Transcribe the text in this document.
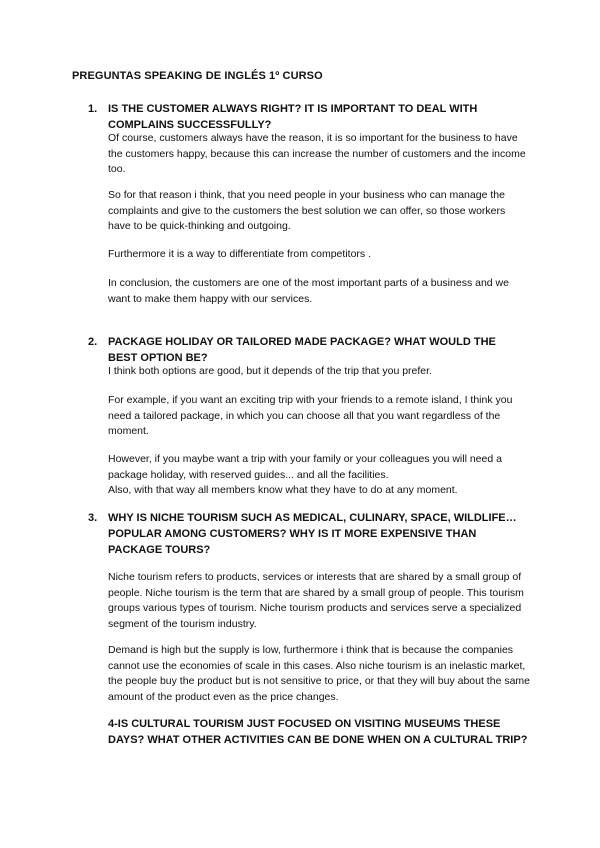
PREGUNTAS SPEAKING DE INGLÉS 1º CURSO
1. IS THE CUSTOMER ALWAYS RIGHT? IT IS IMPORTANT TO DEAL WITH COMPLAINS SUCCESSFULLY?
Of course, customers always have the reason, it is so important for the business to have the customers happy, because this can increase the number of customers and the income too.
So for that reason i think, that you need people in your business who can manage the complaints and give to the customers the best solution we can offer, so those workers have to be quick-thinking and outgoing.
Furthermore it is a way to differentiate from competitors .
In conclusion, the customers are one of the most important parts of a business and we want to make them happy with our services.
2. PACKAGE HOLIDAY OR TAILORED MADE PACKAGE? WHAT WOULD THE BEST OPTION BE?
I think both options are good, but it depends of the trip that you prefer.
For example, if you want an exciting trip with your friends to a remote island, I think you need a tailored package, in which you can choose all that you want regardless of the moment.
However, if you maybe want a trip with your family or your colleagues you will need a package holiday, with reserved guides... and all the facilities.
Also, with that way all members know what they have to do at any moment.
3. WHY IS NICHE TOURISM SUCH AS MEDICAL, CULINARY, SPACE, WILDLIFE… POPULAR AMONG CUSTOMERS? WHY IS IT MORE EXPENSIVE THAN PACKAGE TOURS?
Niche tourism refers to products, services or interests that are shared by a small group of people. Niche tourism is the term that are shared by a small group of people. This tourism groups various types of tourism. Niche tourism products and services serve a specialized segment of the tourism industry.
Demand is high but the supply is low, furthermore i think that is because the companies cannot use the economies of scale in this cases. Also niche tourism is an inelastic market, the people buy the product but is not sensitive to price, or that they will buy about the same amount of the product even as the price changes.
4-IS CULTURAL TOURISM JUST FOCUSED ON VISITING MUSEUMS THESE DAYS? WHAT OTHER ACTIVITIES CAN BE DONE WHEN ON A CULTURAL TRIP?
